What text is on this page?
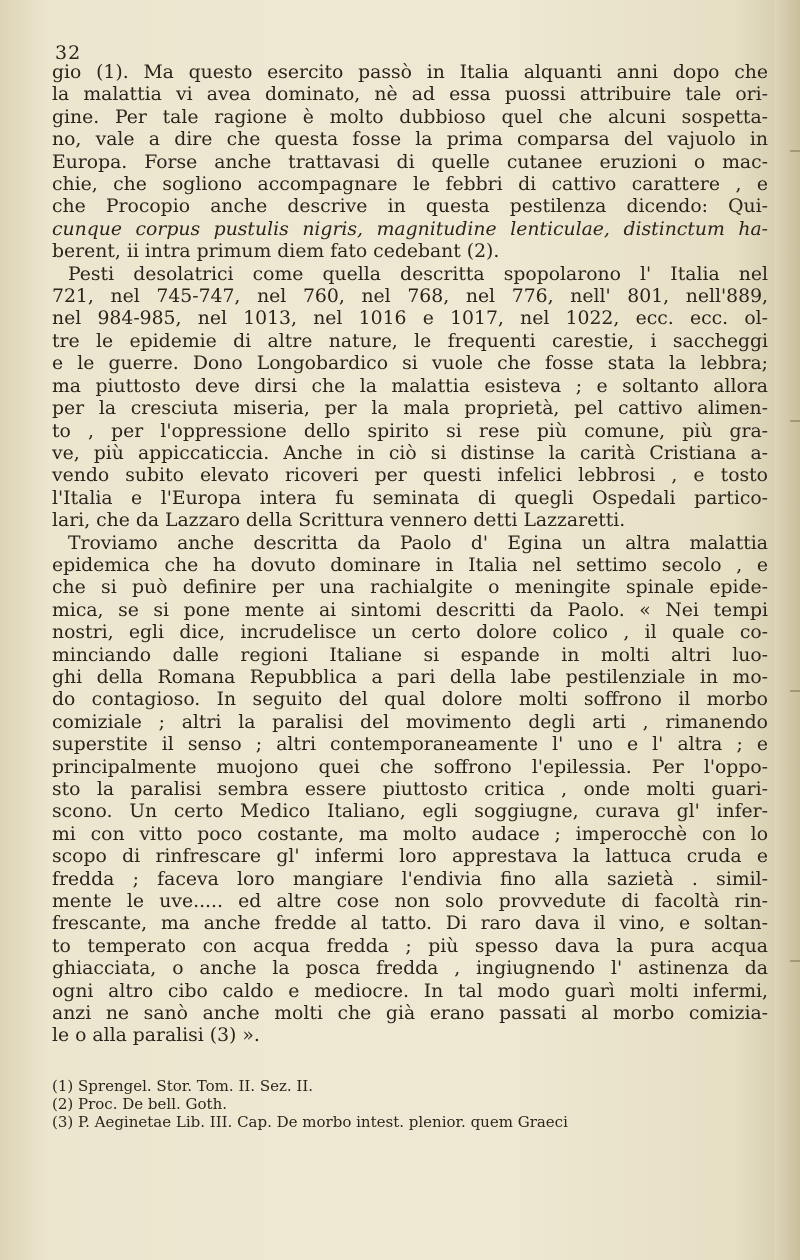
32
gio (1). Ma questo esercito passò in Italia alquanti anni dopo che
la malattia vi avea dominato, nè ad essa puossi attribuire tale ori-
gine. Per tale ragione è molto dubbioso quel che alcuni sospetta-
no, vale a dire che questa fosse la prima comparsa del vajuolo in
Europa. Forse anche trattavasi di quelle cutanee eruzioni o mac-
chie, che sogliono accompagnare le febbri di cattivo carattere , e
che Procopio anche descrive in questa pestilenza dicendo: Qui-
cunque corpus pustulis nigris, magnitudine lenticulae, distinctum ha-
berent, ii intra primum diem fato cedebant (2).
Pesti desolatrici come quella descritta spopolarono l' Italia nel
721, nel 745-747, nel 760, nel 768, nel 776, nell' 801, nell'889,
nel 984-985, nel 1013, nel 1016 e 1017, nel 1022, ecc. ecc. ol-
tre le epidemie di altre nature, le frequenti carestie, i saccheggi
e le guerre. Dono Longobardico si vuole che fosse stata la lebbra;
ma piuttosto deve dirsi che la malattia esisteva ; e soltanto allora
per la cresciuta miseria, per la mala proprietà, pel cattivo alimen-
to , per l'oppressione dello spirito si rese più comune, più gra-
ve, più appiccaticcia. Anche in ciò si distinse la carità Cristiana a-
vendo subito elevato ricoveri per questi infelici lebbrosi , e tosto
l'Italia e l'Europa intera fu seminata di quegli Ospedali partico-
lari, che da Lazzaro della Scrittura vennero detti Lazzaretti.
Troviamo anche descritta da Paolo d' Egina un altra malattia
epidemica che ha dovuto dominare in Italia nel settimo secolo , e
che si può definire per una rachialgite o meningite spinale epide-
mica, se si pone mente ai sintomi descritti da Paolo. « Nei tempi
nostri, egli dice, incrudelisce un certo dolore colico , il quale co-
minciando dalle regioni Italiane si espande in molti altri luo-
ghi della Romana Repubblica a pari della labe pestilenziale in mo-
do contagioso. In seguito del qual dolore molti soffrono il morbo
comiziale ; altri la paralisi del movimento degli arti , rimanendo
superstite il senso ; altri contemporaneamente l' uno e l' altra ; e
principalmente muojono quei che soffrono l'epilessia. Per l'oppo-
sto la paralisi sembra essere piuttosto critica , onde molti guari-
scono. Un certo Medico Italiano, egli soggiugne, curava gl' infer-
mi con vitto poco costante, ma molto audace ; imperocchè con lo
scopo di rinfrescare gl' infermi loro apprestava la lattuca cruda e
fredda ; faceva loro mangiare l'endivia fino alla sazietà . simil-
mente le uve..... ed altre cose non solo provvedute di facoltà rin-
frescante, ma anche fredde al tatto. Di raro dava il vino, e soltan-
to temperato con acqua fredda ; più spesso dava la pura acqua
ghiacciata, o anche la posca fredda , ingiugnendo l' astinenza da
ogni altro cibo caldo e mediocre. In tal modo guarì molti infermi,
anzi ne sanò anche molti che già erano passati al morbo comizia-
le o alla paralisi (3) ».
(1) Sprengel. Stor. Tom. II. Sez. II.
(2) Proc. De bell. Goth.
(3) P. Aeginetae Lib. III. Cap. De morbo intest. plenior. quem Graeci
